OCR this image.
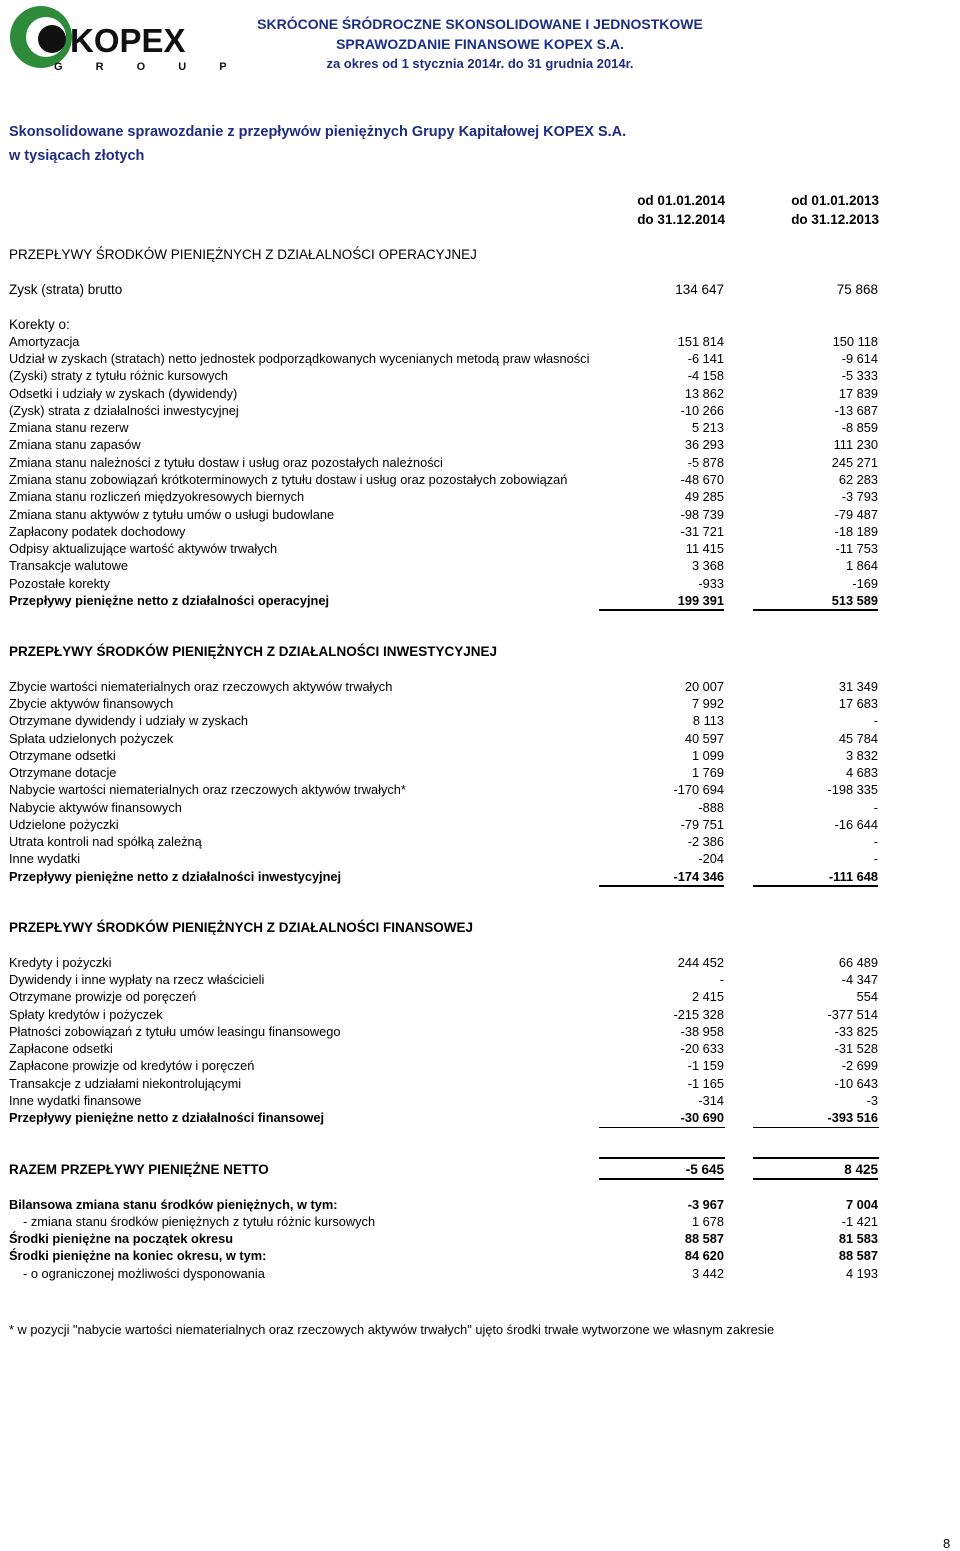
KOPEX
G R O U P
SKRÓCONE ŚRÓDROCZNE SKONSOLIDOWANE I JEDNOSTKOWE
SPRAWOZDANIE FINANSOWE KOPEX S.A.
za okres od 1 stycznia 2014r. do 31 grudnia 2014r.
Skonsolidowane sprawozdanie z przepływów pieniężnych Grupy Kapitałowej KOPEX S.A.
w tysiącach złotych
od 01.01.2014
do 31.12.2014
od 01.01.2013
do 31.12.2013
PRZEPŁYWY ŚRODKÓW PIENIĘŻNYCH Z DZIAŁALNOŚCI OPERACYJNEJ
Zysk (strata) brutto	134 647	75 868
Korekty o:
Amortyzacja	151 814	150 118
Udział w zyskach (stratach) netto jednostek podporządkowanych wycenianych metodą praw własności	-6 141	-9 614
(Zyski) straty z tytułu różnic kursowych	-4 158	-5 333
Odsetki i udziały w zyskach (dywidendy)	13 862	17 839
(Zysk) strata z działalności inwestycyjnej	-10 266	-13 687
Zmiana stanu rezerw	5 213	-8 859
Zmiana stanu zapasów	36 293	111 230
Zmiana stanu należności z tytułu dostaw i usług oraz pozostałych należności	-5 878	245 271
Zmiana stanu zobowiązań krótkoterminowych z tytułu dostaw i usług oraz pozostałych zobowiązań	-48 670	62 283
Zmiana stanu rozliczeń międzyokresowych biernych	49 285	-3 793
Zmiana stanu aktywów z tytułu umów o usługi budowlane	-98 739	-79 487
Zapłacony podatek dochodowy	-31 721	-18 189
Odpisy aktualizujące wartość aktywów trwałych	11 415	-11 753
Transakcje walutowe	3 368	1 864
Pozostałe korekty	-933	-169
Przepływy pieniężne netto z działalności operacyjnej	199 391	513 589
PRZEPŁYWY ŚRODKÓW PIENIĘŻNYCH Z DZIAŁALNOŚCI INWESTYCYJNEJ
Zbycie wartości niematerialnych oraz rzeczowych aktywów trwałych	20 007	31 349
Zbycie aktywów finansowych	7 992	17 683
Otrzymane dywidendy i udziały w zyskach	8 113	-
Spłata udzielonych pożyczek	40 597	45 784
Otrzymane odsetki	1 099	3 832
Otrzymane dotacje	1 769	4 683
Nabycie wartości niematerialnych oraz rzeczowych aktywów trwałych*	-170 694	-198 335
Nabycie aktywów finansowych	-888	-
Udzielone pożyczki	-79 751	-16 644
Utrata kontroli nad spółką zależną	-2 386	-
Inne wydatki	-204	-
Przepływy pieniężne netto z działalności inwestycyjnej	-174 346	-111 648
PRZEPŁYWY ŚRODKÓW PIENIĘŻNYCH Z DZIAŁALNOŚCI FINANSOWEJ
Kredyty i pożyczki	244 452	66 489
Dywidendy i inne wypłaty na rzecz właścicieli	-	-4 347
Otrzymane prowizje od poręczeń	2 415	554
Spłaty kredytów i pożyczek	-215 328	-377 514
Płatności zobowiązań z tytułu umów leasingu finansowego	-38 958	-33 825
Zapłacone odsetki	-20 633	-31 528
Zapłacone prowizje od kredytów i poręczeń	-1 159	-2 699
Transakcje z udziałami niekontrolującymi	-1 165	-10 643
Inne wydatki finansowe	-314	-3
Przepływy pieniężne netto z działalności finansowej	-30 690	-393 516
RAZEM PRZEPŁYWY PIENIĘŻNE NETTO	-5 645	8 425
Bilansowa zmiana stanu środków pieniężnych, w tym:	-3 967	7 004
- zmiana stanu środków pieniężnych z tytułu różnic kursowych	1 678	-1 421
Środki pieniężne na początek okresu	88 587	81 583
Środki pieniężne na koniec okresu, w tym:	84 620	88 587
- o ograniczonej możliwości dysponowania	3 442	4 193
* w pozycji "nabycie wartości niematerialnych oraz rzeczowych aktywów trwałych" ujęto środki trwałe wytworzone we własnym zakresie
8
